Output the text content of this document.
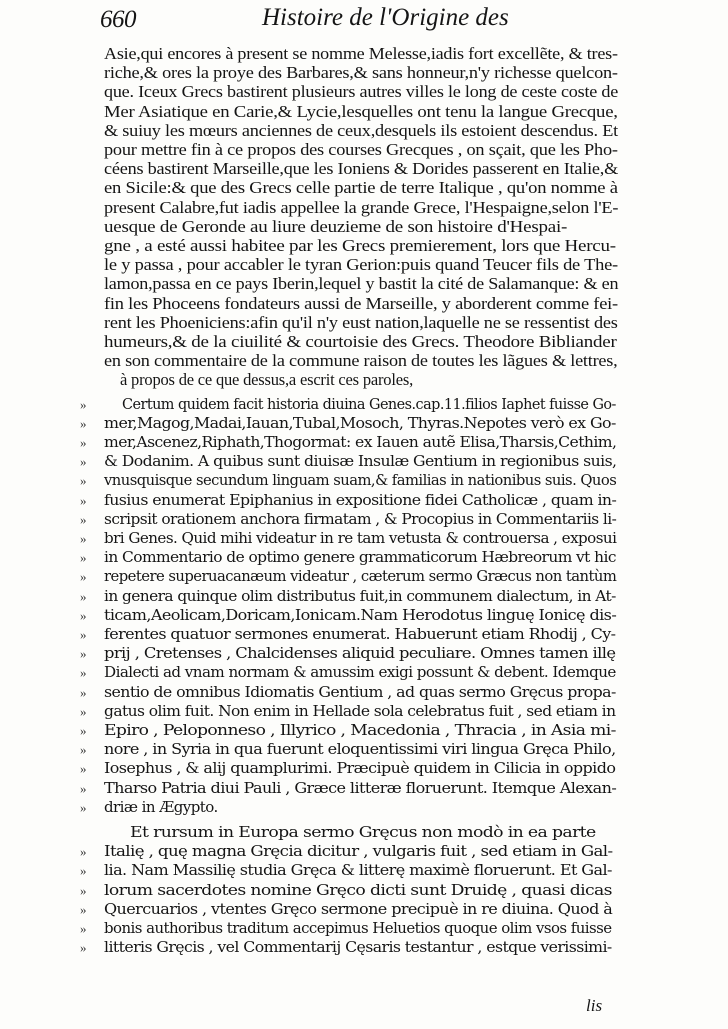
660	Histoire de l'Origine des
Asie,qui encores à present se nomme Melesse,iadis fort excellẽte, & tres-
riche,& ores la proye des Barbares,& sans honneur,n'y richesse quelcon-
que. Iceux Grecs bastirent plusieurs autres villes le long de ceste coste de
Mer Asiatique en Carie,& Lycie,lesquelles ont tenu la langue Grecque,
& suiuy les mœurs anciennes de ceux,desquels ils estoient descendus. Et
pour mettre fin à ce propos des courses Grecques , on sçait, que les Pho-
céens bastirent Marseille,que les Ioniens & Dorides passerent en Italie,&
en Sicile:& que des Grecs celle partie de terre Italique , qu'on nomme à
present Calabre,fut iadis appellee la grande Grece, l'Hespaigne,selon l'E-
uesque de Geronde au liure deuzieme de son histoire d'Hespai-
gne , a esté aussi habitee par les Grecs premierement, lors que Hercu-
le y passa , pour accabler le tyran Gerion:puis quand Teucer fils de The-
lamon,passa en ce pays Iberin,lequel y bastit la cité de Salamanque: & en
fin les Phoceens fondateurs aussi de Marseille, y aborderent comme fei-
rent les Phoeniciens:afin qu'il n'y eust nation,laquelle ne se ressentist des
humeurs,& de la ciuilité & courtoisie des Grecs. Theodore Bibliander
en son commentaire de la commune raison de toutes les lãgues & lettres,
à propos de ce que dessus,a escrit ces paroles,
Certum quidem facit historia diuina Genes.cap.11.filios Iaphet fuisse Go-
»
mer,Magog,Madai,Iauan,Tubal,Mosoch, Thyras.Nepotes verò ex Go-
»
mer,Ascenez,Riphath,Thogormat: ex Iauen autẽ Elisa,Tharsis,Cethim,
»
& Dodanim. A quibus sunt diuisæ Insulæ Gentium in regionibus suis,
»
vnusquisque secundum linguam suam,& familias in nationibus suis. Quos
»
fusius enumerat Epiphanius in expositione fidei Catholicæ , quam in-
»
scripsit orationem anchora firmatam , & Procopius in Commentariis li-
»
bri Genes. Quid mihi videatur in re tam vetusta & controuersa , exposui
»
in Commentario de optimo genere grammaticorum Hæbreorum vt hic
»
repetere superuacanæum videatur , cæterum sermo Græcus non tantùm
»
in genera quinque olim distributus fuit,in communem dialectum, in At-
»
ticam,Aeolicam,Doricam,Ionicam.Nam Herodotus linguę Ionicę dis-
»
ferentes quatuor sermones enumerat. Habuerunt etiam Rhodij , Cy-
»
prij , Cretenses , Chalcidenses aliquid peculiare. Omnes tamen illę
»
Dialecti ad vnam normam & amussim exigi possunt & debent. Idemque
»
sentio de omnibus Idiomatis Gentium , ad quas sermo Gręcus propa-
»
gatus olim fuit. Non enim in Hellade sola celebratus fuit , sed etiam in
»
Epiro , Peloponneso , Illyrico , Macedonia , Thracia , in Asia mi-
»
nore , in Syria in qua fuerunt eloquentissimi viri lingua Gręca Philo,
»
Iosephus , & alij quamplurimi. Præcipuè quidem in Cilicia in oppido
»
Tharso Patria diui Pauli , Græce litteræ floruerunt. Itemque Alexan-
»
driæ in Ægypto.
»
Et rursum in Europa sermo Gręcus non modò in ea parte
Italię , quę magna Gręcia dicitur , vulgaris fuit , sed etiam in Gal-
»
lia. Nam Massilię studia Gręca & litterę maximè floruerunt. Et Gal-
»
lorum sacerdotes nomine Gręco dicti sunt Druidę , quasi dicas
»
Quercuarios , vtentes Gręco sermone precipuè in re diuina. Quod à
»
bonis authoribus traditum accepimus Heluetios quoque olim vsos fuisse
»
litteris Gręcis , vel Commentarij Cęsaris testantur , estque verissimi-
»
lis
